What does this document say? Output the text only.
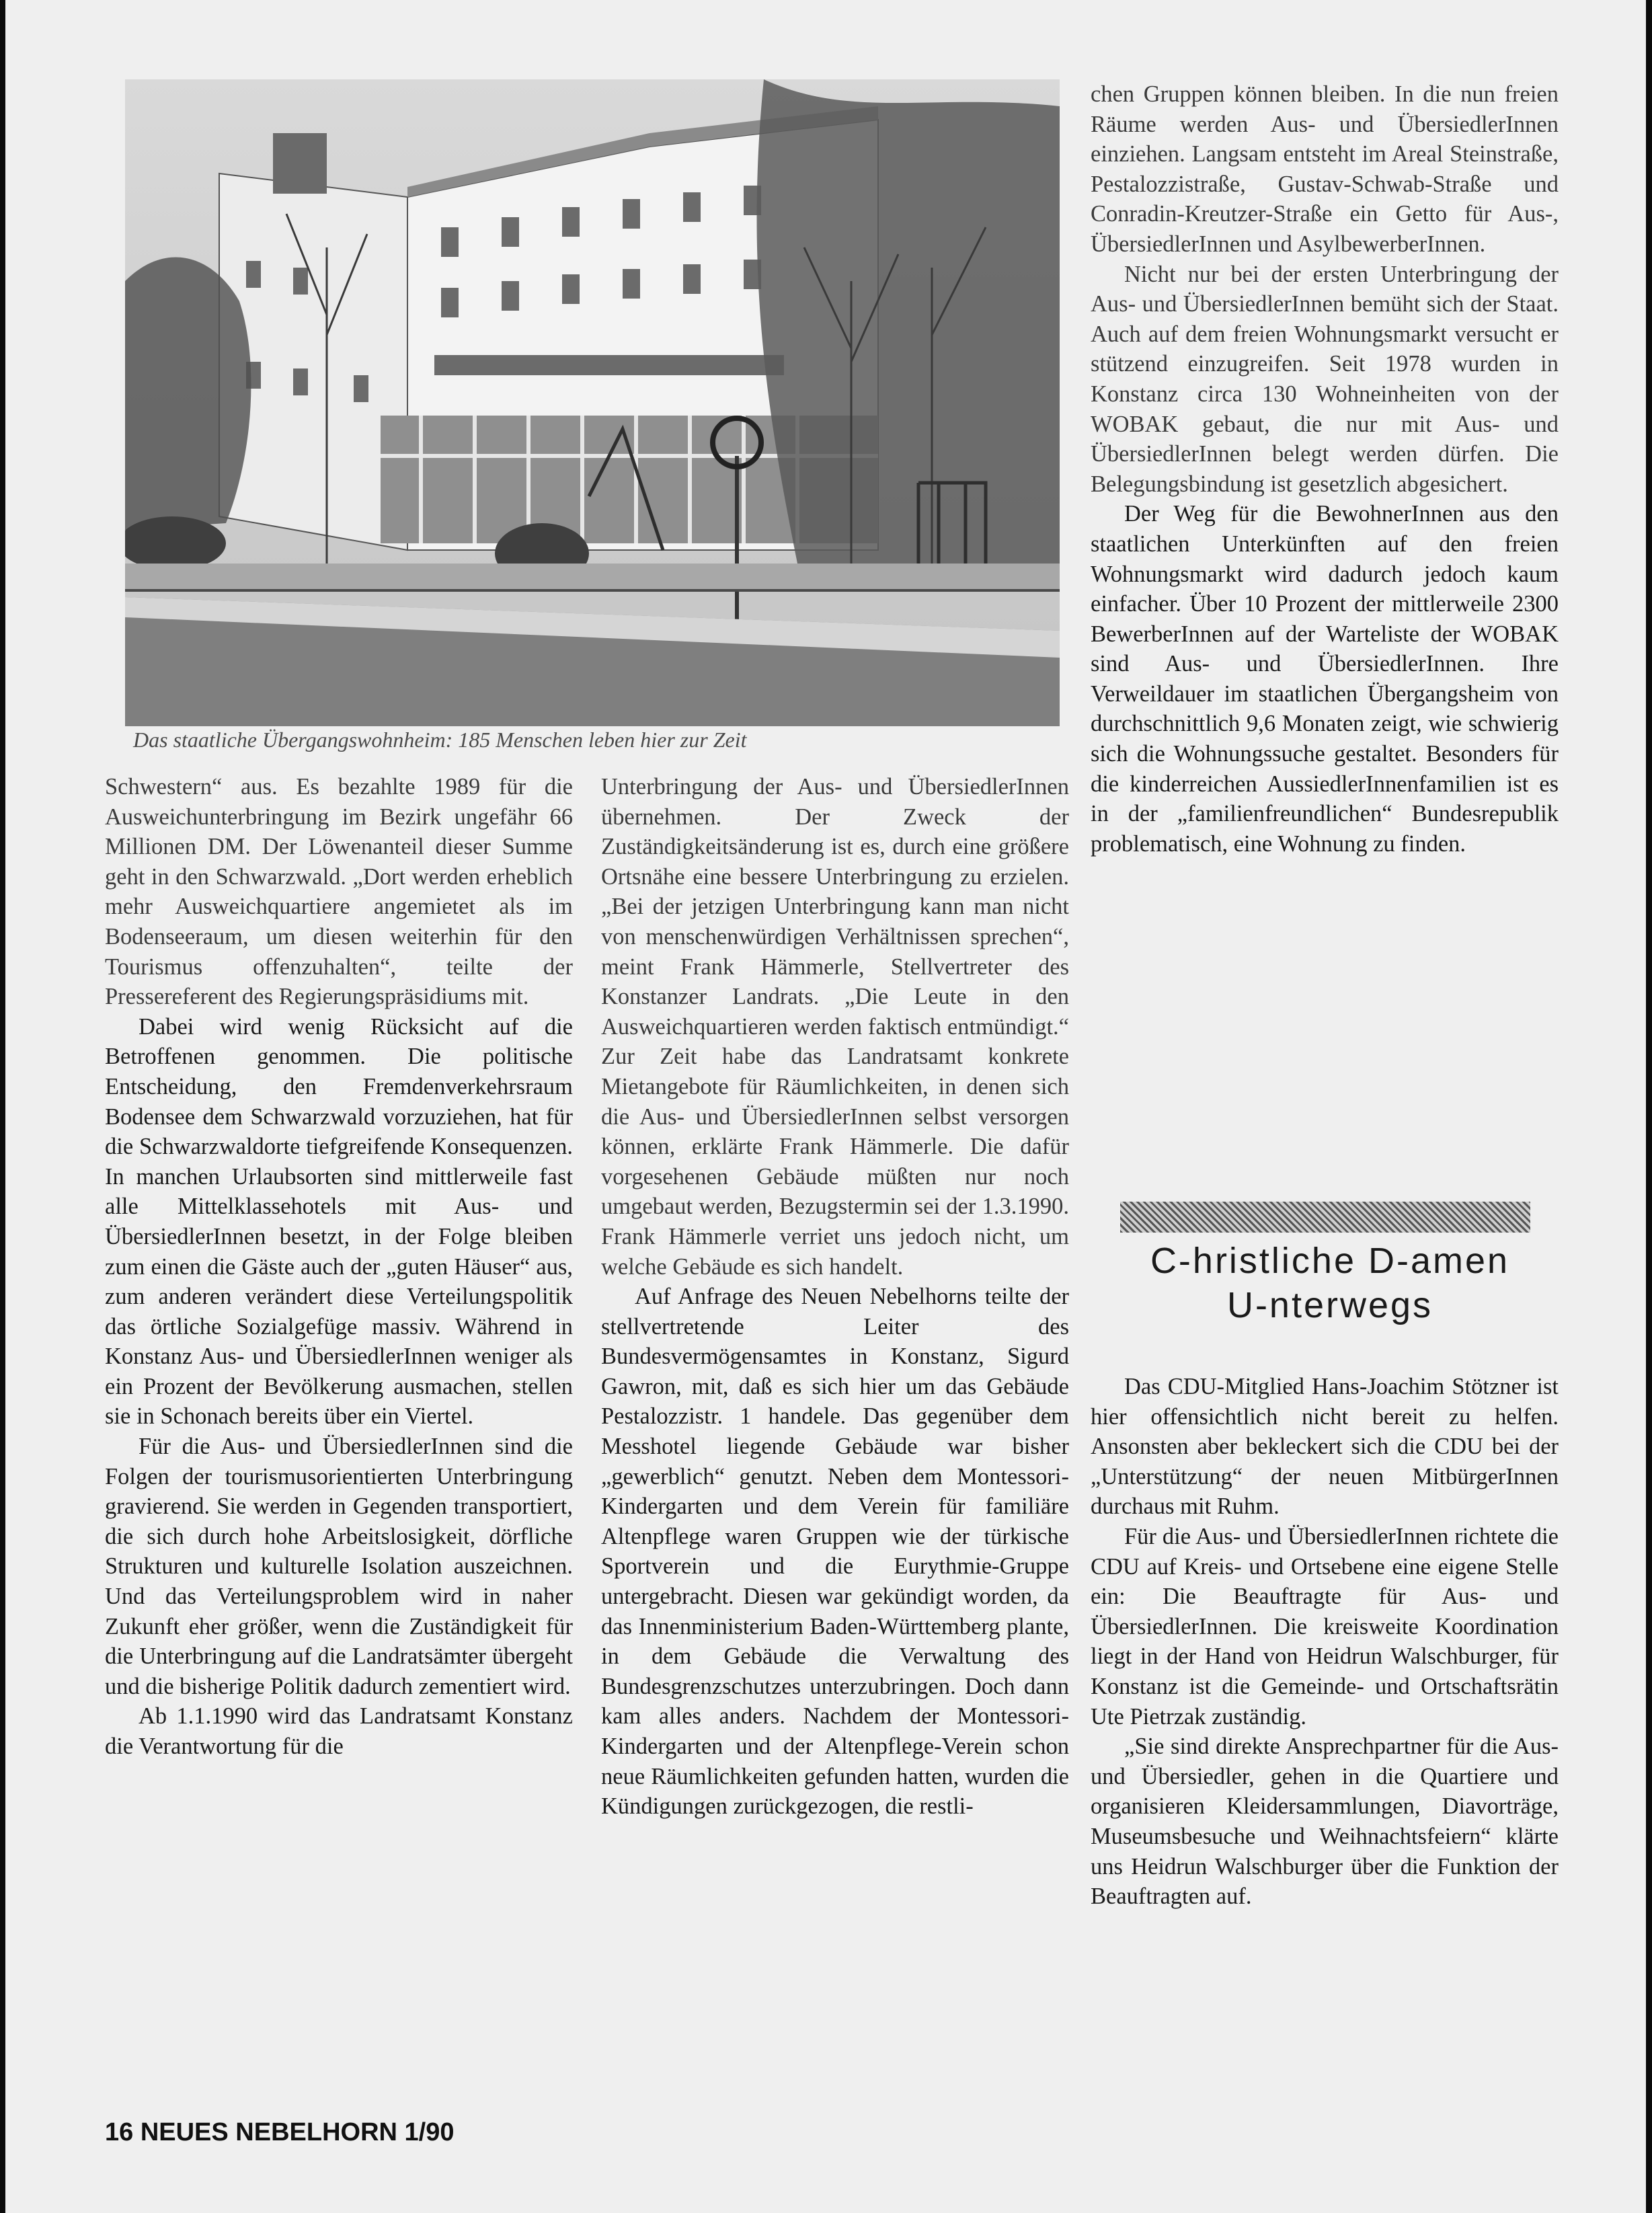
Das staatliche Übergangswohnheim: 185 Menschen leben hier zur Zeit

Schwestern“ aus. Es bezahlte 1989 für die Ausweichunterbringung im Bezirk ungefähr 66 Millionen DM. Der Löwenanteil dieser Summe geht in den Schwarzwald. „Dort werden erheblich mehr Ausweichquartiere angemietet als im Bodenseeraum, um diesen weiterhin für den Tourismus offenzuhalten“, teilte der Pressereferent des Regierungspräsidiums mit.

Dabei wird wenig Rücksicht auf die Betroffenen genommen. Die politische Entscheidung, den Fremdenverkehrsraum Bodensee dem Schwarzwald vorzuziehen, hat für die Schwarzwaldorte tiefgreifende Konsequenzen. In manchen Urlaubsorten sind mittlerweile fast alle Mittelklassehotels mit Aus- und ÜbersiedlerInnen besetzt, in der Folge bleiben zum einen die Gäste auch der „guten Häuser“ aus, zum anderen verändert diese Verteilungspolitik das örtliche Sozialgefüge massiv. Während in Konstanz Aus- und ÜbersiedlerInnen weniger als ein Prozent der Bevölkerung ausmachen, stellen sie in Schonach bereits über ein Viertel.

Für die Aus- und ÜbersiedlerInnen sind die Folgen der tourismusorientierten Unterbringung gravierend. Sie werden in Gegenden transportiert, die sich durch hohe Arbeitslosigkeit, dörfliche Strukturen und kulturelle Isolation auszeichnen. Und das Verteilungsproblem wird in naher Zukunft eher größer, wenn die Zuständigkeit für die Unterbringung auf die Landratsämter übergeht und die bisherige Politik dadurch zementiert wird.

Ab 1.1.1990 wird das Landratsamt Konstanz die Verantwortung für die

Unterbringung der Aus- und ÜbersiedlerInnen übernehmen. Der Zweck der Zuständigkeitsänderung ist es, durch eine größere Ortsnähe eine bessere Unterbringung zu erzielen. „Bei der jetzigen Unterbringung kann man nicht von menschenwürdigen Verhältnissen sprechen“, meint Frank Hämmerle, Stellvertreter des Konstanzer Landrats. „Die Leute in den Ausweichquartieren werden faktisch entmündigt.“ Zur Zeit habe das Landratsamt konkrete Mietangebote für Räumlichkeiten, in denen sich die Aus- und ÜbersiedlerInnen selbst versorgen können, erklärte Frank Hämmerle. Die dafür vorgesehenen Gebäude müßten nur noch umgebaut werden, Bezugstermin sei der 1.3.1990. Frank Hämmerle verriet uns jedoch nicht, um welche Gebäude es sich handelt.

Auf Anfrage des Neuen Nebelhorns teilte der stellvertretende Leiter des Bundesvermögensamtes in Konstanz, Sigurd Gawron, mit, daß es sich hier um das Gebäude Pestalozzistr. 1 handele. Das gegenüber dem Messhotel liegende Gebäude war bisher „gewerblich“ genutzt. Neben dem Montessori-Kindergarten und dem Verein für familiäre Altenpflege waren Gruppen wie der türkische Sportverein und die Eurythmie-Gruppe untergebracht. Diesen war gekündigt worden, da das Innenministerium Baden-Württemberg plante, in dem Gebäude die Verwaltung des Bundesgrenzschutzes unterzubringen. Doch dann kam alles anders. Nachdem der Montessori-Kindergarten und der Altenpflege-Verein schon neue Räumlichkeiten gefunden hatten, wurden die Kündigungen zurückgezogen, die restli-

chen Gruppen können bleiben. In die nun freien Räume werden Aus- und ÜbersiedlerInnen einziehen. Langsam entsteht im Areal Steinstraße, Pestalozzistraße, Gustav-Schwab-Straße und Conradin-Kreutzer-Straße ein Getto für Aus-, ÜbersiedlerInnen und AsylbewerberInnen.

Nicht nur bei der ersten Unterbringung der Aus- und ÜbersiedlerInnen bemüht sich der Staat. Auch auf dem freien Wohnungsmarkt versucht er stützend einzugreifen. Seit 1978 wurden in Konstanz circa 130 Wohneinheiten von der WOBAK gebaut, die nur mit Aus- und ÜbersiedlerInnen belegt werden dürfen. Die Belegungsbindung ist gesetzlich abgesichert.

Der Weg für die BewohnerInnen aus den staatlichen Unterkünften auf den freien Wohnungsmarkt wird dadurch jedoch kaum einfacher. Über 10 Prozent der mittlerweile 2300 BewerberInnen auf der Warteliste der WOBAK sind Aus- und ÜbersiedlerInnen. Ihre Verweildauer im staatlichen Übergangsheim von durchschnittlich 9,6 Monaten zeigt, wie schwierig sich die Wohnungssuche gestaltet. Besonders für die kinderreichen AussiedlerInnenfamilien ist es in der „familienfreundlichen“ Bundesrepublik problematisch, eine Wohnung zu finden.

C-hristliche D-amen
U-nterwegs

Das CDU-Mitglied Hans-Joachim Stötzner ist hier offensichtlich nicht bereit zu helfen. Ansonsten aber bekleckert sich die CDU bei der „Unterstützung“ der neuen MitbürgerInnen durchaus mit Ruhm.

Für die Aus- und ÜbersiedlerInnen richtete die CDU auf Kreis- und Ortsebene eine eigene Stelle ein: Die Beauftragte für Aus- und ÜbersiedlerInnen. Die kreisweite Koordination liegt in der Hand von Heidrun Walschburger, für Konstanz ist die Gemeinde- und Ortschaftsrätin Ute Pietrzak zuständig.

„Sie sind direkte Ansprechpartner für die Aus- und Übersiedler, gehen in die Quartiere und organisieren Kleidersammlungen, Diavorträge, Museumsbesuche und Weihnachtsfeiern“ klärte uns Heidrun Walschburger über die Funktion der Beauftragten auf.

16 NEUES NEBELHORN 1/90
